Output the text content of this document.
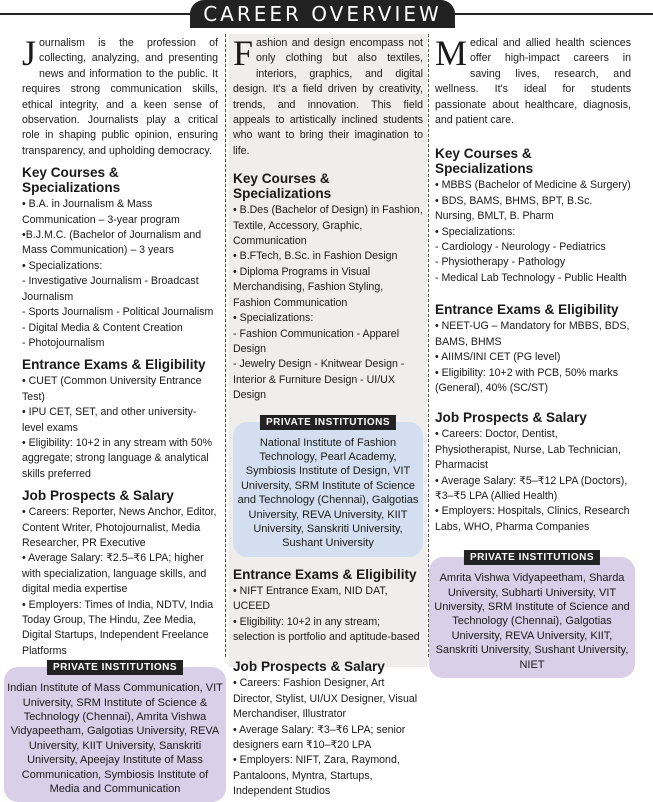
CAREER OVERVIEW
J ournalism is the profession of collecting, analyzing, and presenting news and information to the public. It requires strong communication skills, ethical integrity, and a keen sense of observation. Journalists play a critical role in shaping public opinion, ensuring transparency, and upholding democracy.
Key Courses & Specializations
• B.A. in Journalism & Mass Communication – 3-year program
•B.J.M.C. (Bachelor of Journalism and Mass Communication) – 3 years
• Specializations:
- Investigative Journalism - Broadcast Journalism
- Sports Journalism - Political Journalism
- Digital Media & Content Creation
- Photojournalism
Entrance Exams & Eligibility
• CUET (Common University Entrance Test)
• IPU CET, SET, and other university-level exams
• Eligibility: 10+2 in any stream with 50% aggregate; strong language & analytical skills preferred
Job Prospects & Salary
• Careers: Reporter, News Anchor, Editor, Content Writer, Photojournalist, Media Researcher, PR Executive
• Average Salary: ₹2.5–₹6 LPA; higher with specialization, language skills, and digital media expertise
• Employers: Times of India, NDTV, India Today Group, The Hindu, Zee Media, Digital Startups, Independent Freelance Platforms
PRIVATE INSTITUTIONS
Indian Institute of Mass Communication, VIT University, SRM Institute of Science & Technology (Chennai), Amrita Vishwa Vidyapeetham, Galgotias University, REVA University, KIIT University, Sanskriti University, Apeejay Institute of Mass Communication, Symbiosis Institute of Media and Communication
F ashion and design encompass not only clothing but also textiles, interiors, graphics, and digital design. It's a field driven by creativity, trends, and innovation. This field appeals to artistically inclined students who want to bring their imagination to life.
Key Courses & Specializations
• B.Des (Bachelor of Design) in Fashion, Textile, Accessory, Graphic, Communication
• B.FTech, B.Sc. in Fashion Design
• Diploma Programs in Visual Merchandising, Fashion Styling, Fashion Communication
• Specializations:
- Fashion Communication - Apparel Design
- Jewelry Design - Knitwear Design - Interior & Furniture Design - UI/UX Design
PRIVATE INSTITUTIONS
National Institute of Fashion Technology, Pearl Academy, Symbiosis Institute of Design, VIT University, SRM Institute of Science and Technology (Chennai), Galgotias University, REVA University, KIIT University, Sanskriti University, Sushant University
Entrance Exams & Eligibility
• NIFT Entrance Exam, NID DAT, UCEED
• Eligibility: 10+2 in any stream; selection is portfolio and aptitude-based
Job Prospects & Salary
• Careers: Fashion Designer, Art Director, Stylist, UI/UX Designer, Visual Merchandiser, Illustrator
• Average Salary: ₹3–₹6 LPA; senior designers earn ₹10–₹20 LPA
• Employers: NIFT, Zara, Raymond, Pantaloons, Myntra, Startups, Independent Studios
M edical and allied health sciences offer high-impact careers in saving lives, research, and wellness. It's ideal for students passionate about healthcare, diagnosis, and patient care.
Key Courses & Specializations
• MBBS (Bachelor of Medicine & Surgery)
• BDS, BAMS, BHMS, BPT, B.Sc. Nursing, BMLT, B. Pharm
• Specializations:
- Cardiology - Neurology - Pediatrics
- Physiotherapy - Pathology
- Medical Lab Technology - Public Health
Entrance Exams & Eligibility
• NEET-UG – Mandatory for MBBS, BDS, BAMS, BHMS
• AIIMS/INI CET (PG level)
• Eligibility: 10+2 with PCB, 50% marks (General), 40% (SC/ST)
Job Prospects & Salary
• Careers: Doctor, Dentist, Physiotherapist, Nurse, Lab Technician, Pharmacist
• Average Salary: ₹5–₹12 LPA (Doctors), ₹3–₹5 LPA (Allied Health)
• Employers: Hospitals, Clinics, Research Labs, WHO, Pharma Companies
PRIVATE INSTITUTIONS
Amrita Vishwa Vidyapeetham, Sharda University, Subharti University, VIT University, SRM Institute of Science and Technology (Chennai), Galgotias University, REVA University, KIIT, Sanskriti University, Sushant University, NIET
